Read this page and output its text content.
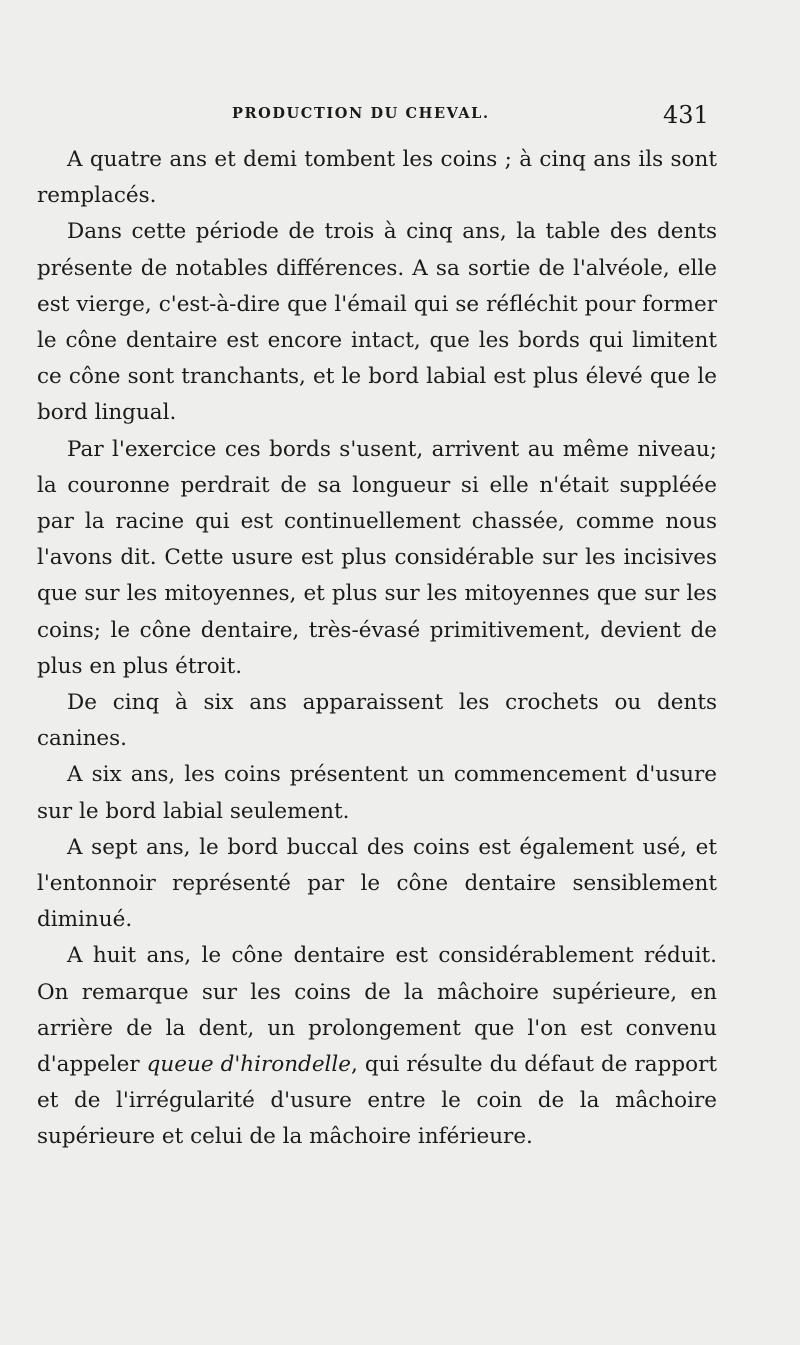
PRODUCTION DU CHEVAL.	431

A quatre ans et demi tombent les coins ; à cinq ans ils sont remplacés.

Dans cette période de trois à cinq ans, la table des dents présente de notables différences. A sa sortie de l'alvéole, elle est vierge, c'est-à-dire que l'émail qui se réfléchit pour former le cône dentaire est encore intact, que les bords qui limitent ce cône sont tranchants, et le bord labial est plus élevé que le bord lingual.

Par l'exercice ces bords s'usent, arrivent au même niveau; la couronne perdrait de sa longueur si elle n'était suppléée par la racine qui est continuellement chassée, comme nous l'avons dit. Cette usure est plus considérable sur les incisives que sur les mitoyennes, et plus sur les mitoyennes que sur les coins; le cône dentaire, très-évasé primitivement, devient de plus en plus étroit.

De cinq à six ans apparaissent les crochets ou dents canines.

A six ans, les coins présentent un commencement d'usure sur le bord labial seulement.

A sept ans, le bord buccal des coins est également usé, et l'entonnoir représenté par le cône dentaire sensiblement diminué.

A huit ans, le cône dentaire est considérablement réduit. On remarque sur les coins de la mâchoire supérieure, en arrière de la dent, un prolongement que l'on est convenu d'appeler queue d'hirondelle, qui résulte du défaut de rapport et de l'irrégularité d'usure entre le coin de la mâchoire supérieure et celui de la mâchoire inférieure.
